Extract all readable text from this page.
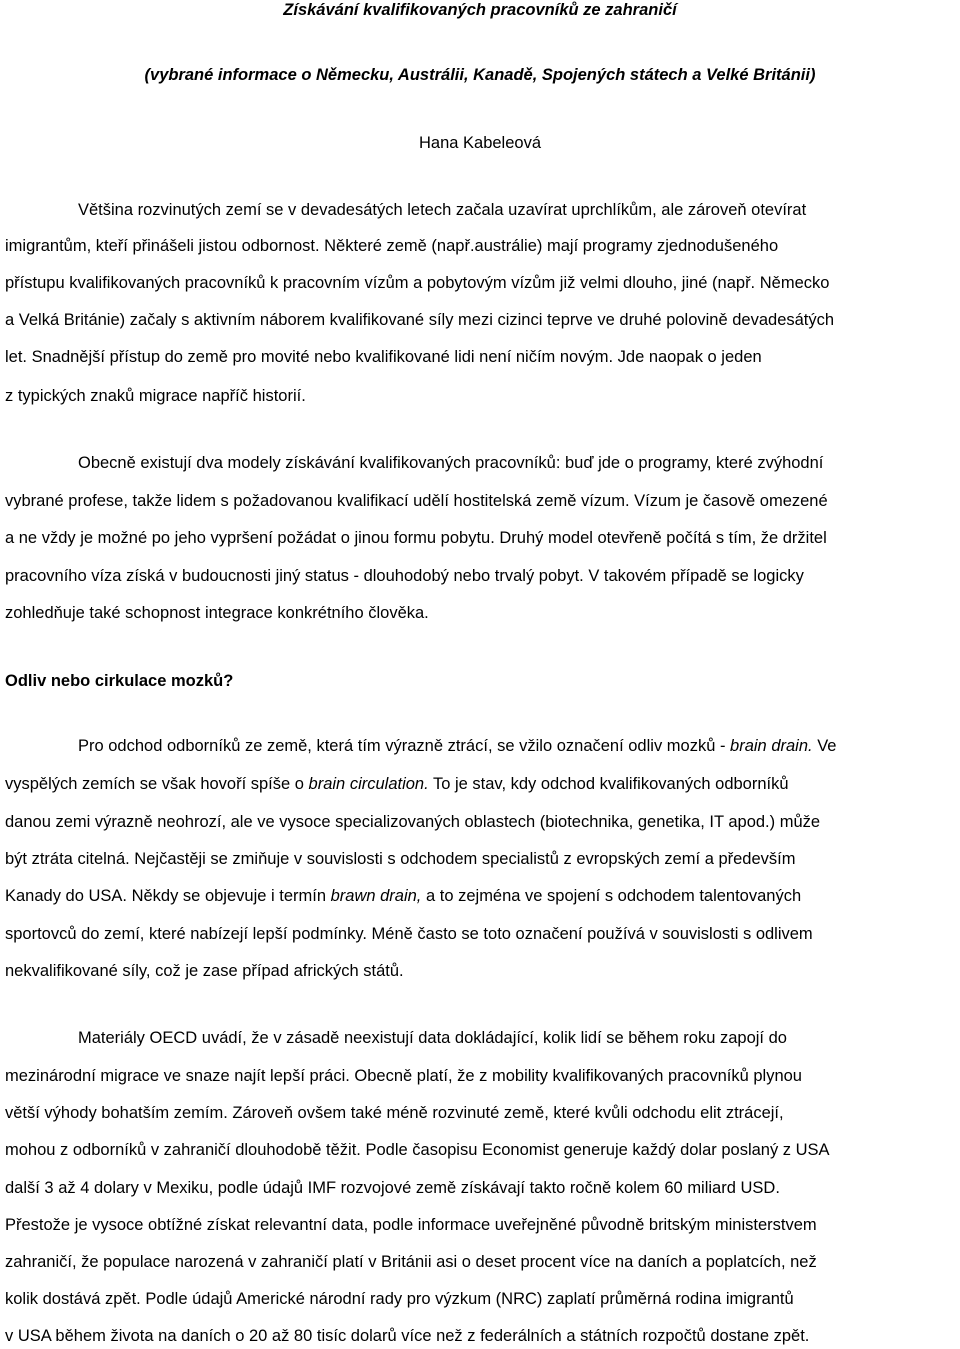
Získávání kvalifikovaných pracovníků ze zahraničí
(vybrané informace o Německu, Austrálii, Kanadě, Spojených státech a Velké Británii)
Hana Kabeleová
Většina rozvinutých zemí se v devadesátých letech začala uzavírat uprchlíkům, ale zároveň otevírat
imigrantům, kteří přinášeli jistou odbornost. Některé země (např.austrálie) mají programy zjednodušeného
přístupu kvalifikovaných pracovníků k pracovním vízům a pobytovým vízům již velmi dlouho, jiné (např. Německo
a Velká Británie) začaly s aktivním náborem kvalifikované síly mezi cizinci teprve ve druhé polovině devadesátých
let. Snadnější přístup do země pro movité nebo kvalifikované lidi není ničím novým. Jde naopak o jeden
z typických znaků migrace napříč historií.
Obecně existují dva modely získávání kvalifikovaných pracovníků: buď jde o programy, které zvýhodní
vybrané profese, takže lidem s požadovanou kvalifikací udělí hostitelská země vízum. Vízum je časově omezené
a ne vždy je možné po jeho vypršení požádat o jinou formu pobytu. Druhý model otevřeně počítá s tím, že držitel
pracovního víza získá v budoucnosti jiný status - dlouhodobý nebo trvalý pobyt. V takovém případě se logicky
zohledňuje také schopnost integrace konkrétního člověka.
Odliv nebo cirkulace mozků?
Pro odchod odborníků ze země, která tím výrazně ztrácí, se vžilo označení odliv mozků - brain drain. Ve
vyspělých zemích se však hovoří spíše o brain circulation. To je stav, kdy odchod kvalifikovaných odborníků
danou zemi výrazně neohrozí, ale ve vysoce specializovaných oblastech (biotechnika, genetika, IT apod.) může
být ztráta citelná. Nejčastěji se zmiňuje v souvislosti s odchodem specialistů z evropských zemí a především
Kanady do USA. Někdy se objevuje i termín brawn drain, a to zejména ve spojení s odchodem talentovaných
sportovců do zemí, které nabízejí lepší podmínky. Méně často se toto označení používá v souvislosti s odlivem
nekvalifikované síly, což je zase případ afrických států.
Materiály OECD uvádí, že v zásadě neexistují data dokládající, kolik lidí se během roku zapojí do
mezinárodní migrace ve snaze najít lepší práci. Obecně platí, že z mobility kvalifikovaných pracovníků plynou
větší výhody bohatším zemím. Zároveň ovšem také méně rozvinuté země, které kvůli odchodu elit ztrácejí,
mohou z odborníků v zahraničí dlouhodobě těžit. Podle časopisu Economist generuje každý dolar poslaný z USA
další 3 až 4 dolary v Mexiku, podle údajů IMF rozvojové země získávají takto ročně kolem 60 miliard USD.
Přestože je vysoce obtížné získat relevantní data, podle informace uveřejněné původně britským ministerstvem
zahraničí, že populace narozená v zahraničí platí v Británii asi o deset procent více na daních a poplatcích, než
kolik dostává zpět. Podle údajů Americké národní rady pro výzkum (NRC) zaplatí průměrná rodina imigrantů
v USA během života na daních o 20 až 80 tisíc dolarů více než z federálních a státních rozpočtů dostane zpět.
